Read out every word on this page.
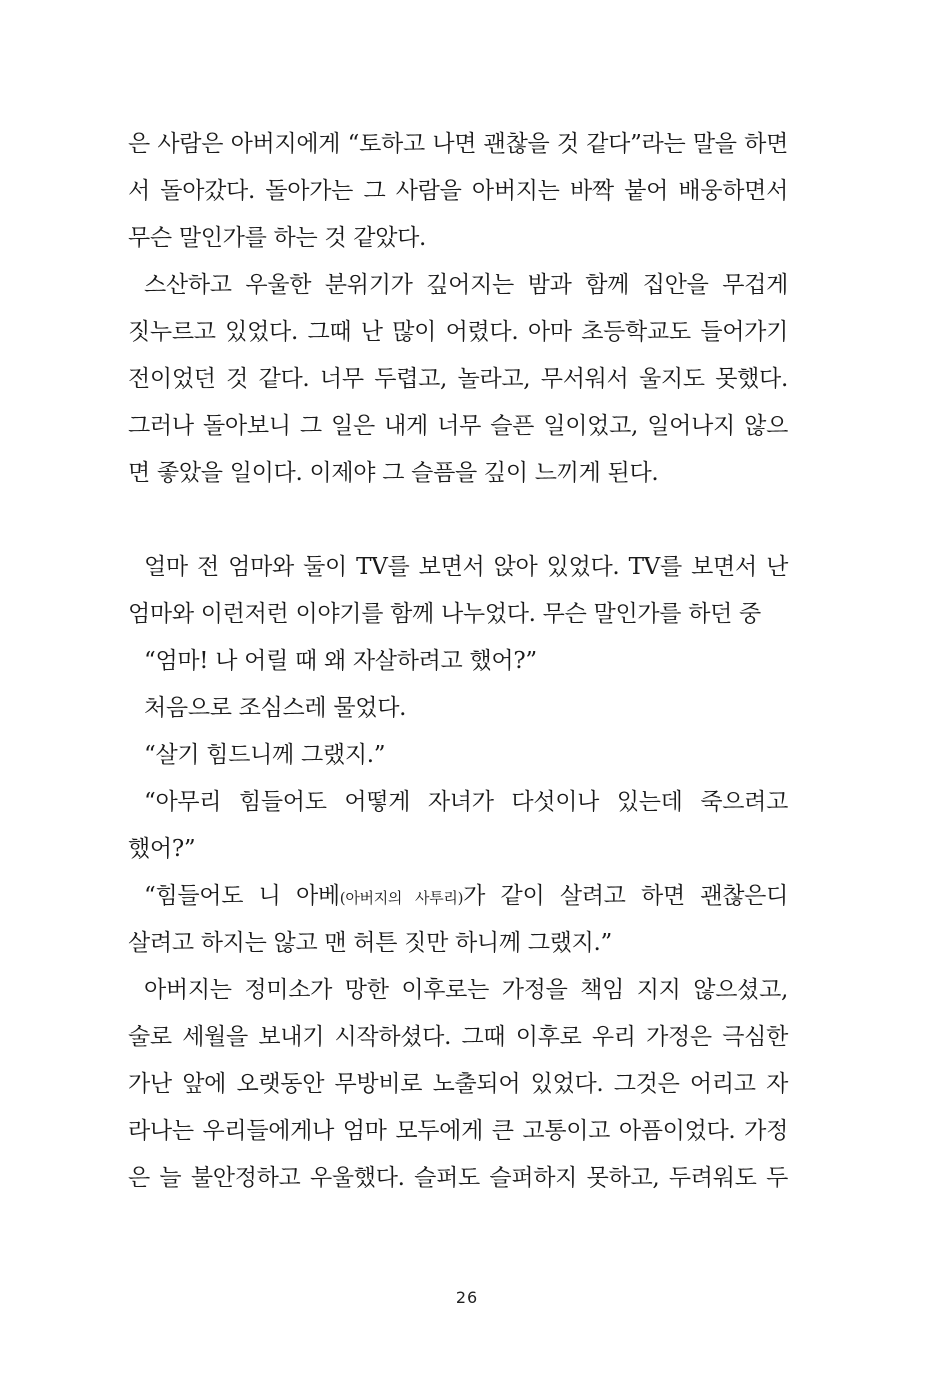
은 사람은 아버지에게 “토하고 나면 괜찮을 것 같다”라는 말을 하면
서 돌아갔다. 돌아가는 그 사람을 아버지는 바짝 붙어 배웅하면서
무슨 말인가를 하는 것 같았다.
스산하고 우울한 분위기가 깊어지는 밤과 함께 집안을 무겁게
짓누르고 있었다. 그때 난 많이 어렸다. 아마 초등학교도 들어가기
전이었던 것 같다. 너무 두렵고, 놀라고, 무서워서 울지도 못했다.
그러나 돌아보니 그 일은 내게 너무 슬픈 일이었고, 일어나지 않으
면 좋았을 일이다. 이제야 그 슬픔을 깊이 느끼게 된다.
얼마 전 엄마와 둘이 TV를 보면서 앉아 있었다. TV를 보면서 난
엄마와 이런저런 이야기를 함께 나누었다. 무슨 말인가를 하던 중
“엄마! 나 어릴 때 왜 자살하려고 했어?”
처음으로 조심스레 물었다.
“살기 힘드니께 그랬지.”
“아무리 힘들어도 어떻게 자녀가 다섯이나 있는데 죽으려고
했어?”
“힘들어도 니 아베(아버지의 사투리)가 같이 살려고 하면 괜찮은디
살려고 하지는 않고 맨 허튼 짓만 하니께 그랬지.”
아버지는 정미소가 망한 이후로는 가정을 책임 지지 않으셨고,
술로 세월을 보내기 시작하셨다. 그때 이후로 우리 가정은 극심한
가난 앞에 오랫동안 무방비로 노출되어 있었다. 그것은 어리고 자
라나는 우리들에게나 엄마 모두에게 큰 고통이고 아픔이었다. 가정
은 늘 불안정하고 우울했다. 슬퍼도 슬퍼하지 못하고, 두려워도 두
26
